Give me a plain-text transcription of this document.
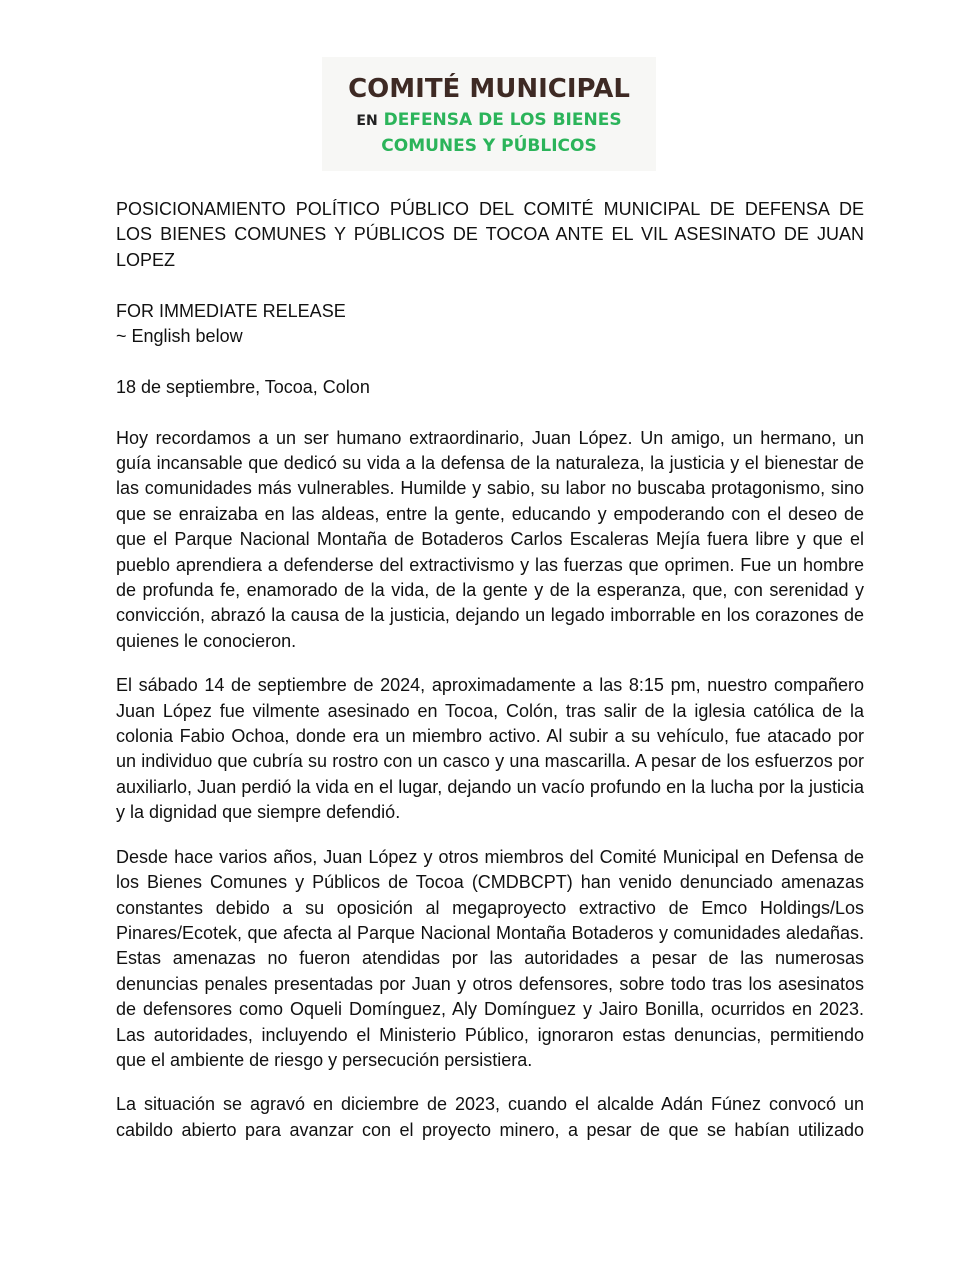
COMITÉ MUNICIPAL
EN DEFENSA DE LOS BIENES
COMUNES Y PÚBLICOS

POSICIONAMIENTO POLÍTICO PÚBLICO DEL COMITÉ MUNICIPAL DE DEFENSA DE LOS BIENES COMUNES Y PÚBLICOS DE TOCOA ANTE EL VIL ASESINATO DE JUAN LOPEZ

FOR IMMEDIATE RELEASE

~ English below

18 de septiembre, Tocoa, Colon

Hoy recordamos a un ser humano extraordinario, Juan López. Un amigo, un hermano, un guía incansable que dedicó su vida a la defensa de la naturaleza, la justicia y el bienestar de las comunidades más vulnerables. Humilde y sabio, su labor no buscaba protagonismo, sino que se enraizaba en las aldeas, entre la gente, educando y empoderando con el deseo de que el Parque Nacional Montaña de Botaderos Carlos Escaleras Mejía fuera libre y que el pueblo aprendiera a defenderse del extractivismo y las fuerzas que oprimen. Fue un hombre de profunda fe, enamorado de la vida, de la gente y de la esperanza, que, con serenidad y convicción, abrazó la causa de la justicia, dejando un legado imborrable en los corazones de quienes le conocieron.

El sábado 14 de septiembre de 2024, aproximadamente a las 8:15 pm, nuestro compañero Juan López fue vilmente asesinado en Tocoa, Colón, tras salir de la iglesia católica de la colonia Fabio Ochoa, donde era un miembro activo. Al subir a su vehículo, fue atacado por un individuo que cubría su rostro con un casco y una mascarilla. A pesar de los esfuerzos por auxiliarlo, Juan perdió la vida en el lugar, dejando un vacío profundo en la lucha por la justicia y la dignidad que siempre defendió.

Desde hace varios años, Juan López y otros miembros del Comité Municipal en Defensa de los Bienes Comunes y Públicos de Tocoa (CMDBCPT) han venido denunciado amenazas constantes debido a su oposición al megaproyecto extractivo de Emco Holdings/Los Pinares/Ecotek, que afecta al Parque Nacional Montaña Botaderos y comunidades aledañas. Estas amenazas no fueron atendidas por las autoridades a pesar de las numerosas denuncias penales presentadas por Juan y otros defensores, sobre todo tras los asesinatos de defensores como Oqueli Domínguez, Aly Domínguez y Jairo Bonilla, ocurridos en 2023. Las autoridades, incluyendo el Ministerio Público, ignoraron estas denuncias, permitiendo que el ambiente de riesgo y persecución persistiera.

La situación se agravó en diciembre de 2023, cuando el alcalde Adán Fúnez convocó un cabildo abierto para avanzar con el proyecto minero, a pesar de que se habían utilizado
